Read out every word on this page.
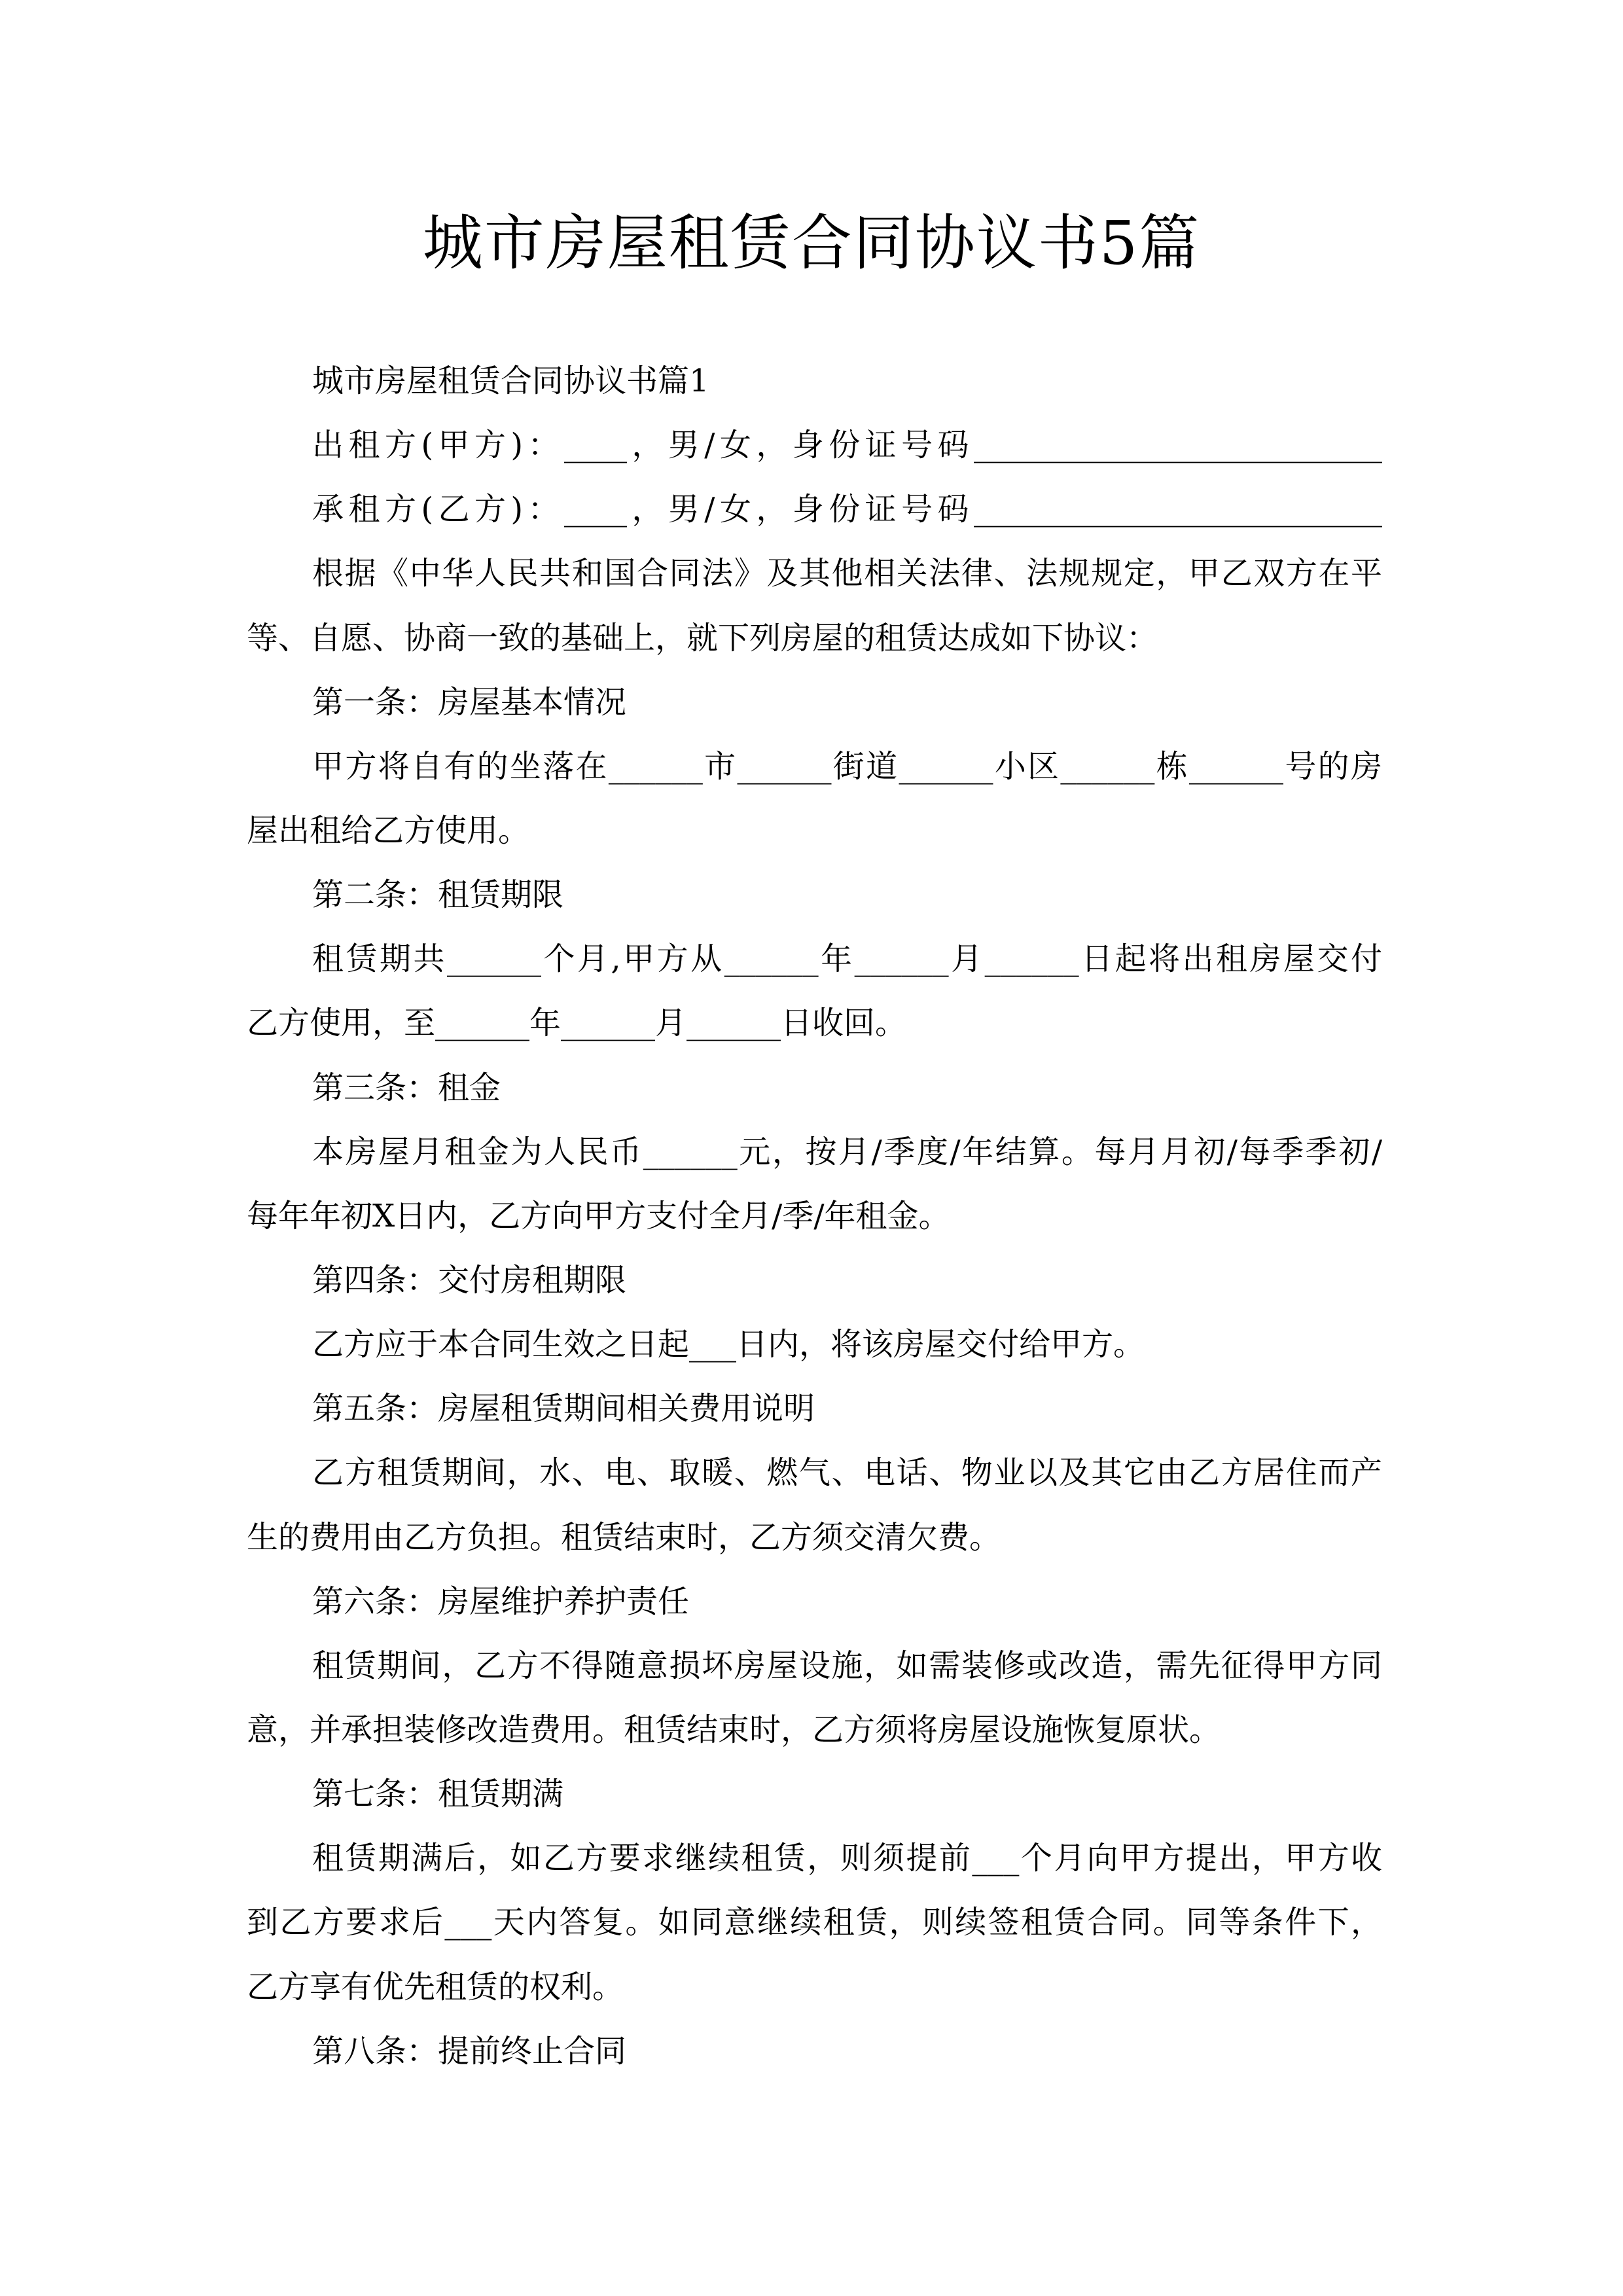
城市房屋租赁合同协议书5篇
城市房屋租赁合同协议书篇1
出租方(甲方)：____，男/女，身份证号码__________________________
承租方(乙方)：____，男/女，身份证号码__________________________
根据《中华人民共和国合同法》及其他相关法律、法规规定，甲乙双方在平
等、自愿、协商一致的基础上，就下列房屋的租赁达成如下协议：
第一条：房屋基本情况
甲方将自有的坐落在______市______街道______小区______栋______号的房
屋出租给乙方使用。
第二条：租赁期限
租赁期共______个月,甲方从______年______月______日起将出租房屋交付
乙方使用，至______年______月______日收回。
第三条：租金
本房屋月租金为人民币______元，按月/季度/年结算。每月月初/每季季初/
每年年初X日内，乙方向甲方支付全月/季/年租金。
第四条：交付房租期限
乙方应于本合同生效之日起___日内，将该房屋交付给甲方。
第五条：房屋租赁期间相关费用说明
乙方租赁期间，水、电、取暖、燃气、电话、物业以及其它由乙方居住而产
生的费用由乙方负担。租赁结束时，乙方须交清欠费。
第六条：房屋维护养护责任
租赁期间，乙方不得随意损坏房屋设施，如需装修或改造，需先征得甲方同
意，并承担装修改造费用。租赁结束时，乙方须将房屋设施恢复原状。
第七条：租赁期满
租赁期满后，如乙方要求继续租赁，则须提前___个月向甲方提出，甲方收
到乙方要求后___天内答复。如同意继续租赁，则续签租赁合同。同等条件下，
乙方享有优先租赁的权利。
第八条：提前终止合同
